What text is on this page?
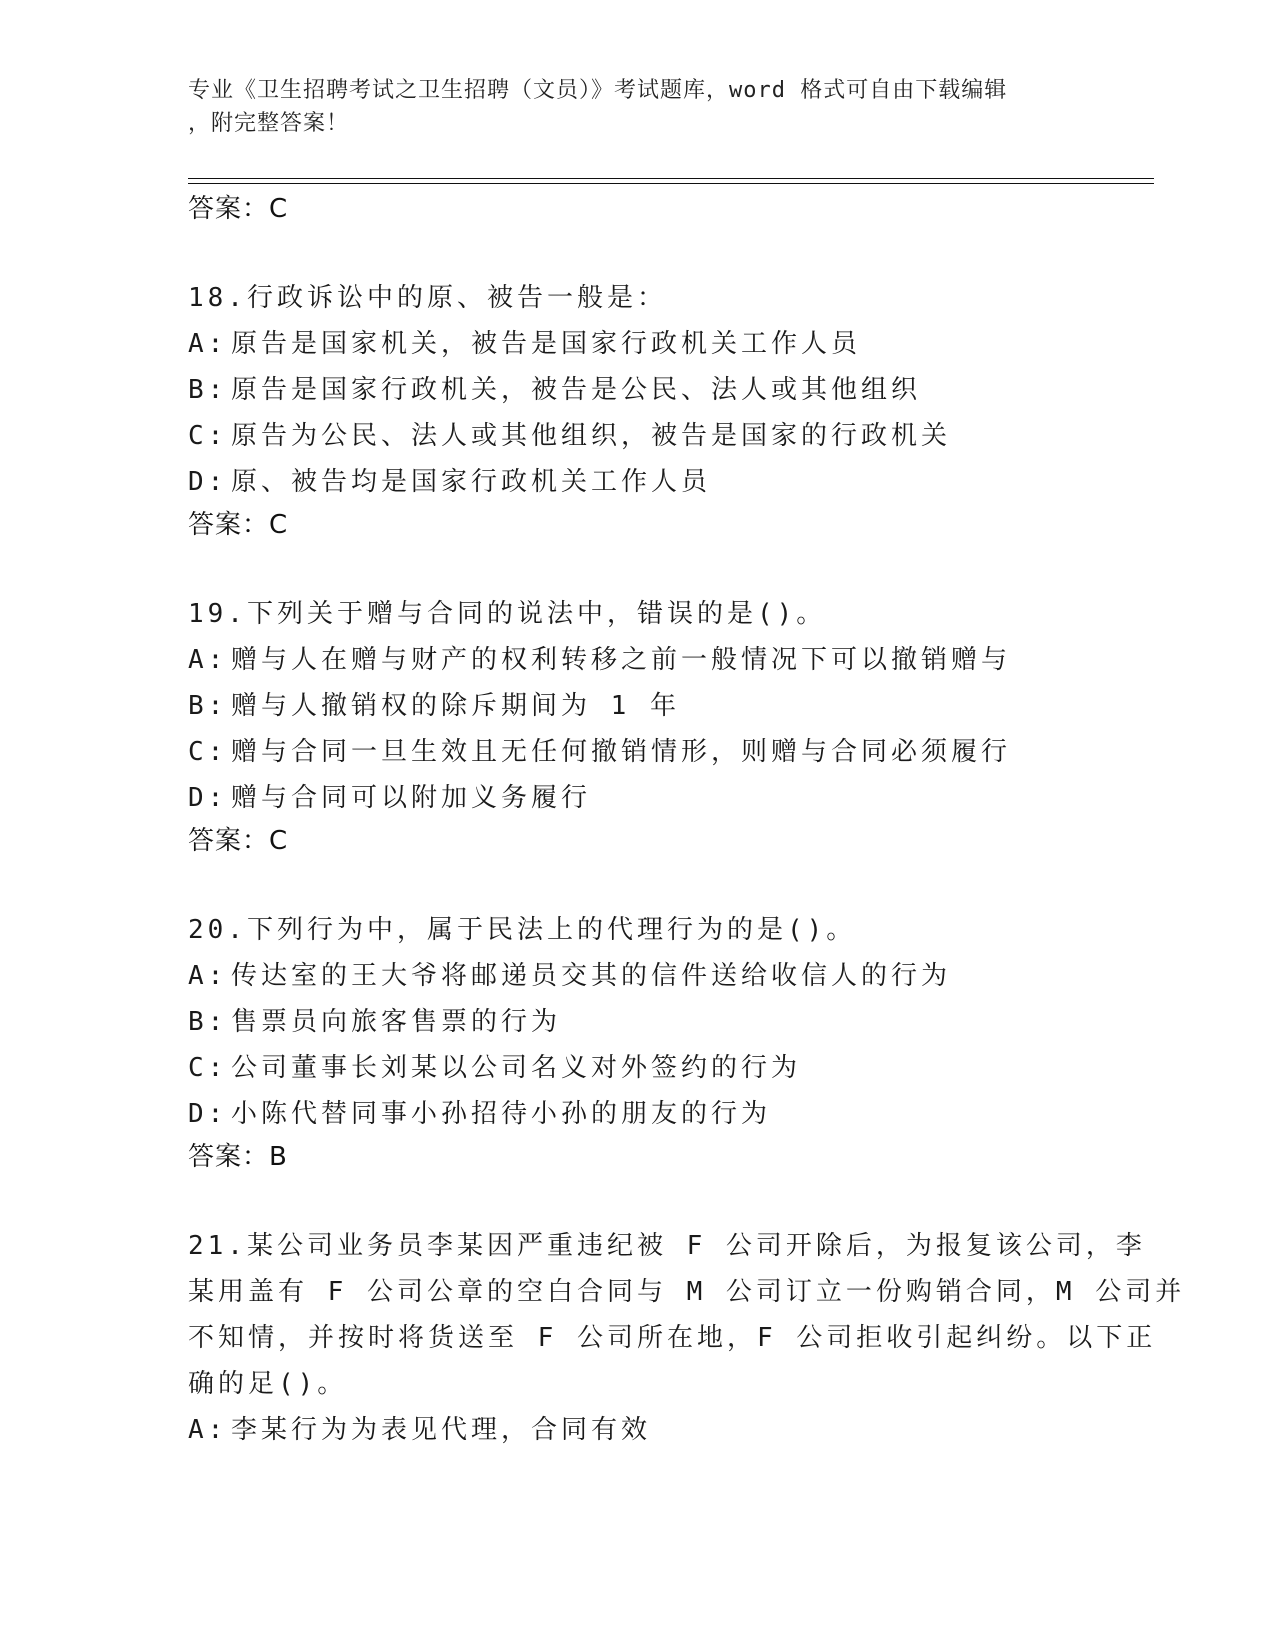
专业《卫生招聘考试之卫生招聘（文员）》考试题库，word 格式可自由下载编辑
，附完整答案！
答案：C
18.行政诉讼中的原、被告一般是：
A: 原告是国家机关，被告是国家行政机关工作人员
B: 原告是国家行政机关，被告是公民、法人或其他组织
C: 原告为公民、法人或其他组织，被告是国家的行政机关
D: 原、被告均是国家行政机关工作人员
答案：C
19.下列关于赠与合同的说法中，错误的是()。
A: 赠与人在赠与财产的权利转移之前一般情况下可以撤销赠与
B: 赠与人撤销权的除斥期间为 1 年
C: 赠与合同一旦生效且无任何撤销情形，则赠与合同必须履行
D: 赠与合同可以附加义务履行
答案：C
20.下列行为中，属于民法上的代理行为的是()。
A: 传达室的王大爷将邮递员交其的信件送给收信人的行为
B: 售票员向旅客售票的行为
C: 公司董事长刘某以公司名义对外签约的行为
D: 小陈代替同事小孙招待小孙的朋友的行为
答案：B
21.某公司业务员李某因严重违纪被 F 公司开除后，为报复该公司，李
某用盖有 F 公司公章的空白合同与 M 公司订立一份购销合同，M 公司并
不知情，并按时将货送至 F 公司所在地，F 公司拒收引起纠纷。以下正
确的足()。
A: 李某行为为表见代理，合同有效
